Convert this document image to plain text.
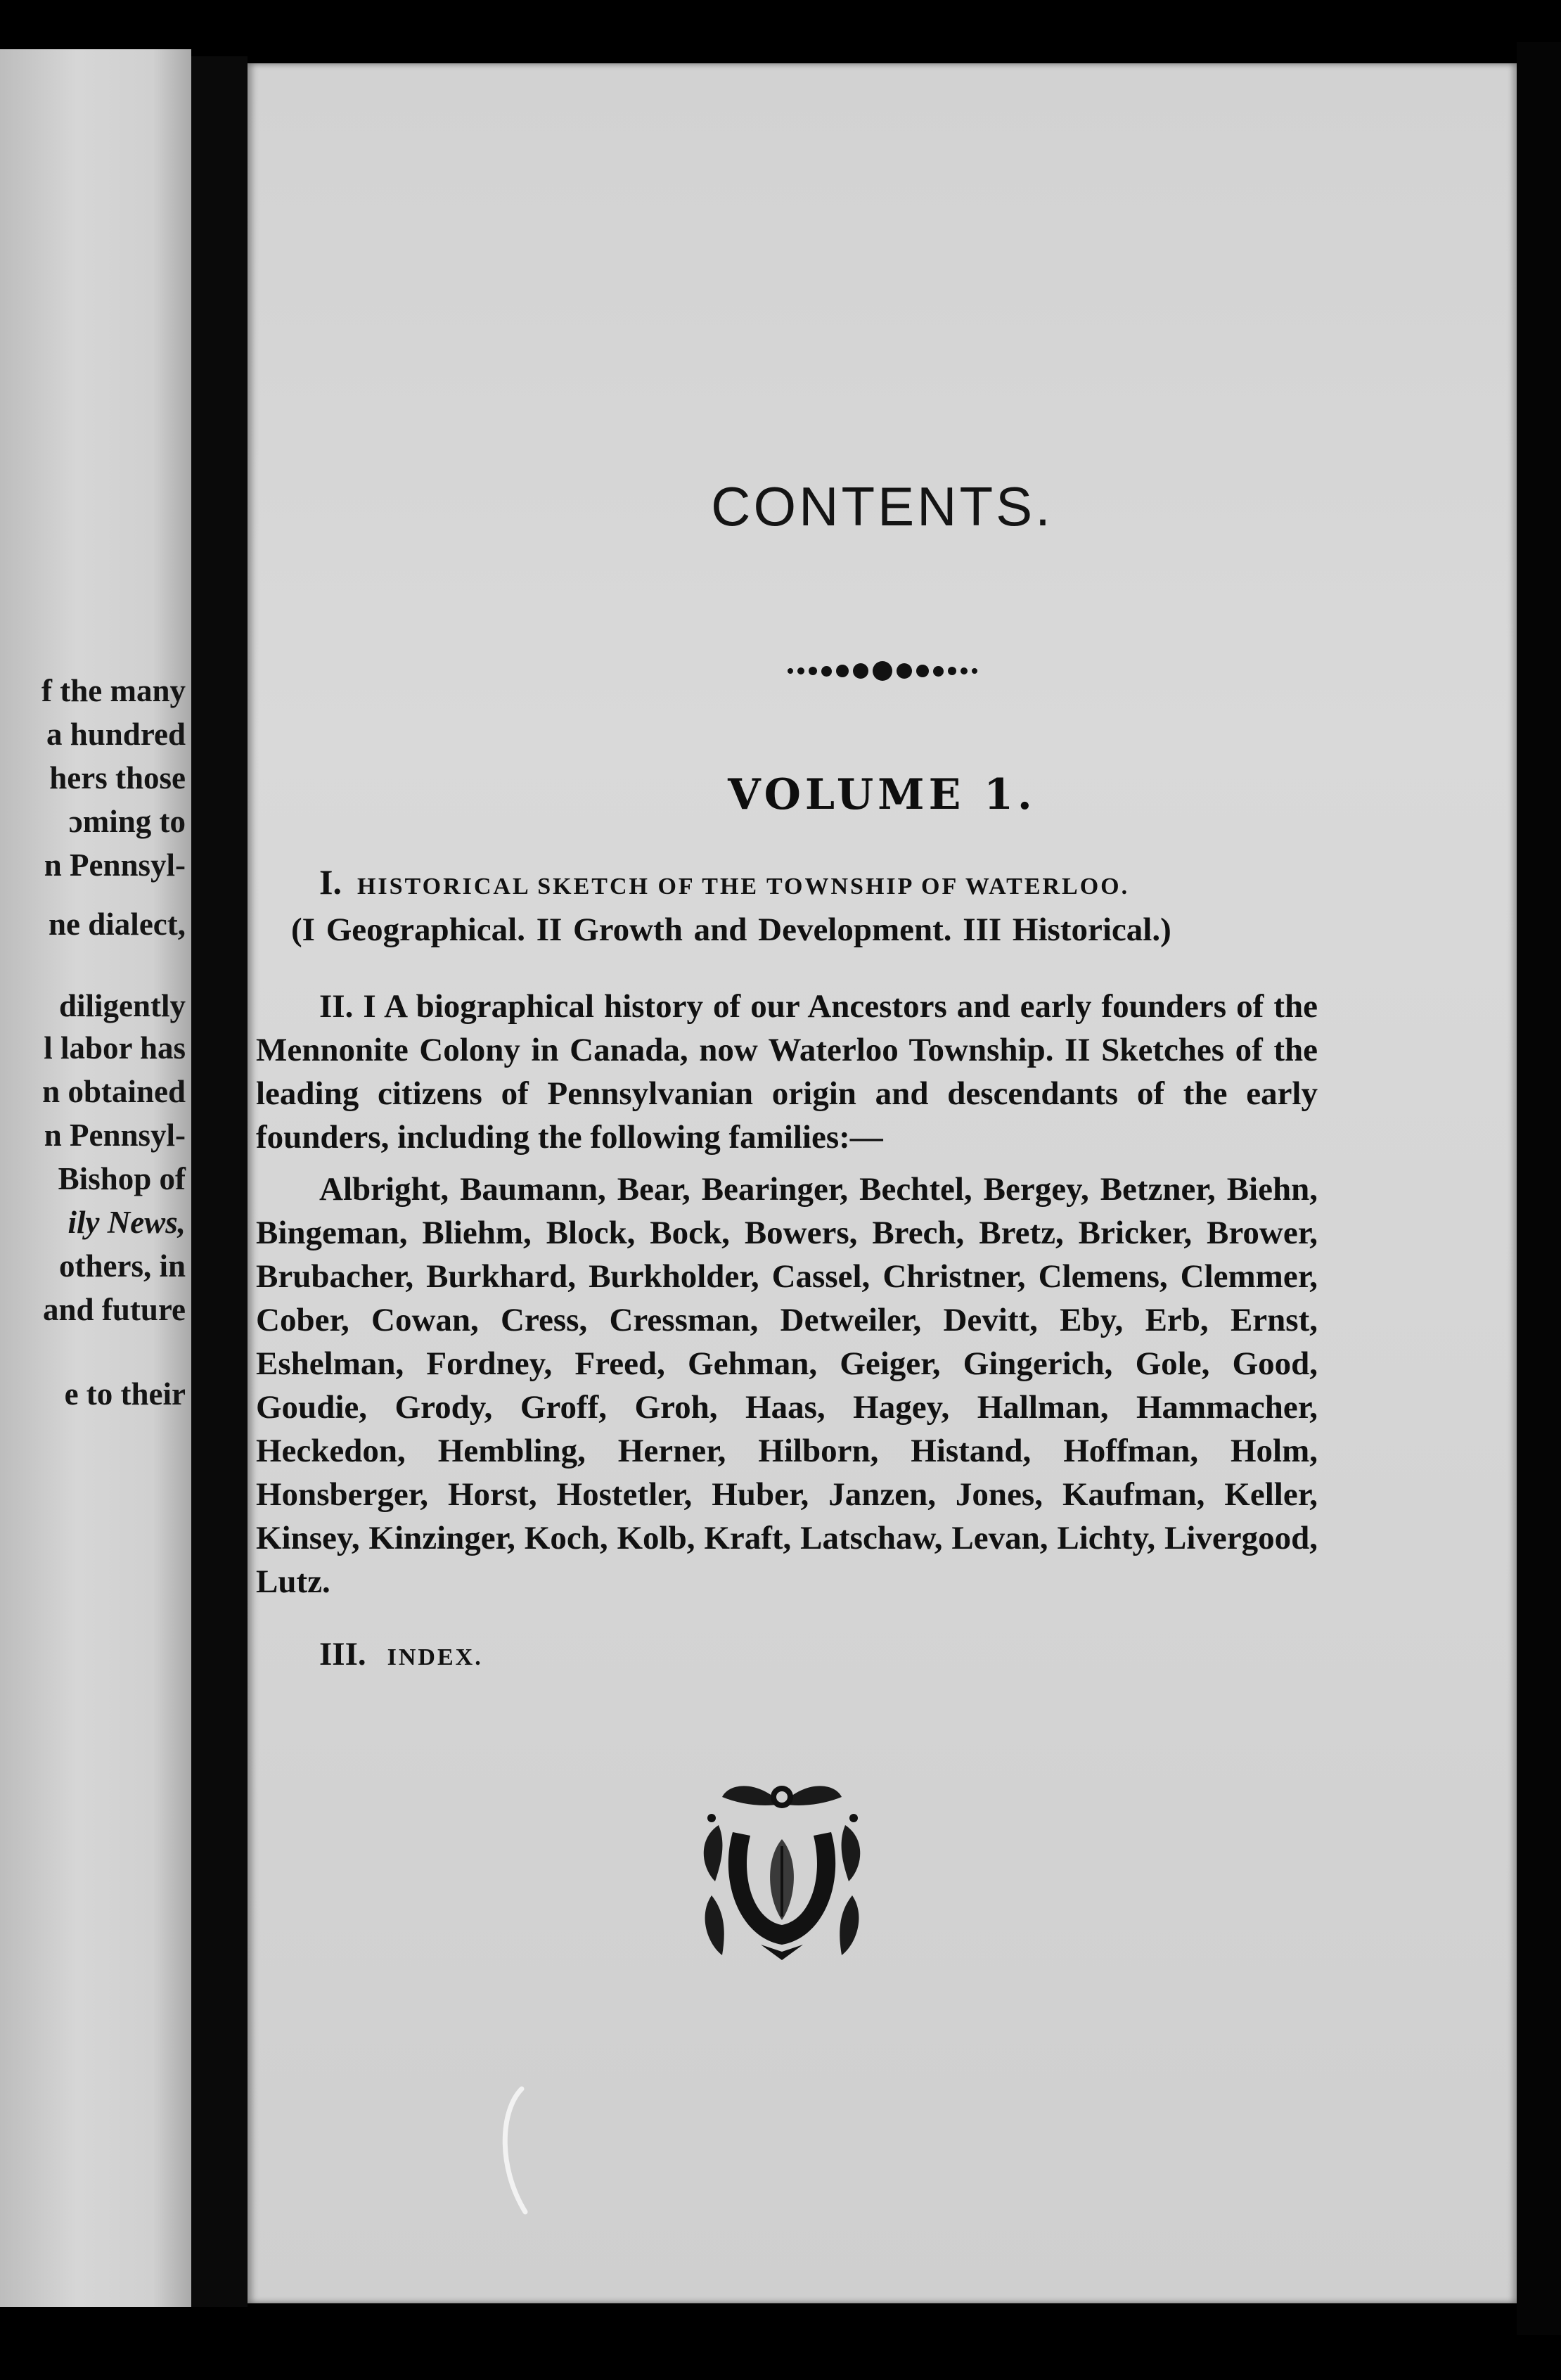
f the many
a hundred
hers those
ɔming to
n Pennsyl-
ne dialect,
diligently
l labor has
n obtained
n Pennsyl-
Bishop of
ily News,
others, in
and future
e to their
CONTENTS.
VOLUME 1.
I. HISTORICAL SKETCH OF THE TOWNSHIP OF WATERLOO.
(I Geographical. II Growth and Development. III Historical.)
II. I A biographical history of our Ancestors and early founders of the Mennonite Colony in Canada, now Waterloo Township. II Sketches of the leading citizens of Pennsylvanian origin and descendants of the early founders, including the following families:—
Albright, Baumann, Bear, Bearinger, Bechtel, Bergey, Betzner, Biehn, Bingeman, Bliehm, Block, Bock, Bowers, Brech, Bretz, Bricker, Brower, Brubacher, Burkhard, Burkholder, Cassel, Christner, Clemens, Clemmer, Cober, Cowan, Cress, Cressman, Detweiler, Devitt, Eby, Erb, Ernst, Eshelman, Fordney, Freed, Gehman, Geiger, Gingerich, Gole, Good, Goudie, Grody, Groff, Groh, Haas, Hagey, Hallman, Hammacher, Heckedon, Hembling, Herner, Hilborn, Histand, Hoffman, Holm, Honsberger, Horst, Hostetler, Huber, Janzen, Jones, Kaufman, Keller, Kinsey, Kinzinger, Koch, Kolb, Kraft, Latschaw, Levan, Lichty, Livergood, Lutz.
III. INDEX.
